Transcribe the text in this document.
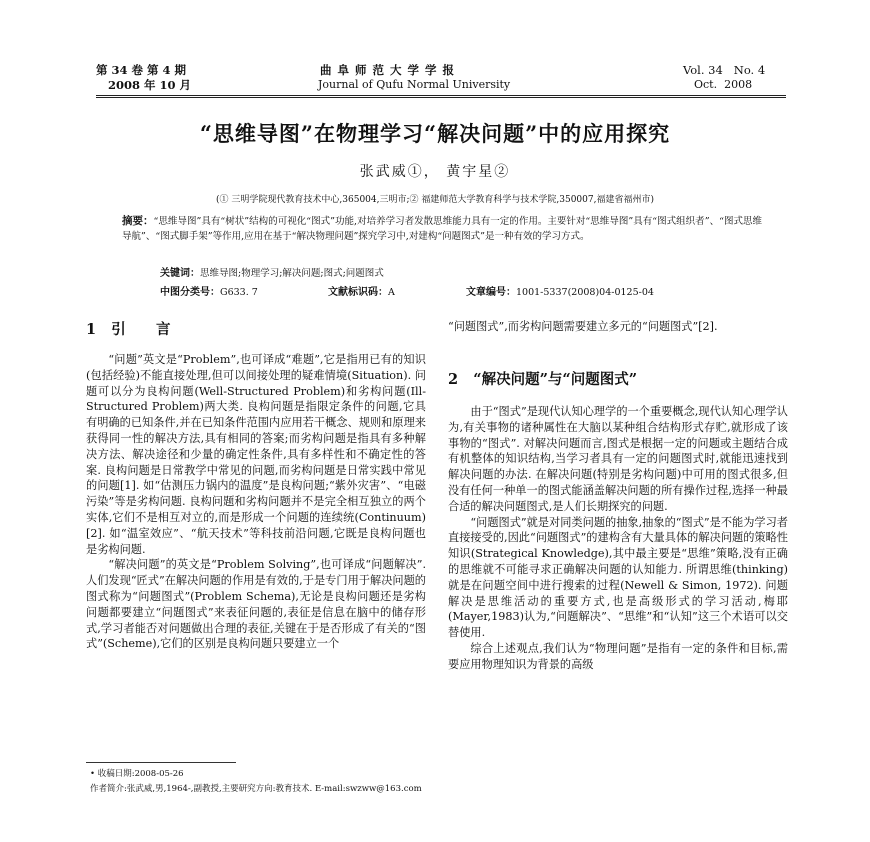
第 34 卷 第 4 期
2008 年 10 月
曲 阜 师 范 大 学 学 报
Journal of Qufu Normal University
Vol. 34   No. 4
Oct.  2008
“思维导图”在物理学习“解决问题”中的应用探究
张武威①， 黄宇星②
(① 三明学院现代教育技术中心,365004,三明市;② 福建师范大学教育科学与技术学院,350007,福建省福州市)
摘要：“思维导图”具有“树状”结构的可视化“图式”功能,对培养学习者发散思维能力具有一定的作用。主要针对“思维导图”具有“图式组织者”、“图式思维导航”、“图式脚手架”等作用,应用在基于“解决物理问题”探究学习中,对建构“问题图式”是一种有效的学习方式。
关键词：思维导图;物理学习;解决问题;图式;问题图式
中图分类号：G633. 7	文献标识码：A	文章编号：1001-5337(2008)04-0125-04
1   引      言

“问题”英文是“Problem”,也可译成“难题”,它是指用已有的知识(包括经验)不能直接处理,但可以间接处理的疑难情境(Situation). 问题可以分为良构问题(Well-Structured Problem)和劣构问题(Ill-Structured Problem)两大类. 良构问题是指限定条件的问题,它具有明确的已知条件,并在已知条件范围内应用若干概念、规则和原理来获得同一性的解决方法,具有相同的答案;而劣构问题是指具有多种解决方法、解决途径和少量的确定性条件,具有多样性和不确定性的答案. 良构问题是日常教学中常见的问题,而劣构问题是日常实践中常见的问题[1]. 如“估测压力锅内的温度”是良构问题;“紫外灾害”、“电磁污染”等是劣构问题. 良构问题和劣构问题并不是完全相互独立的两个实体,它们不是相互对立的,而是形成一个问题的连续统(Continuum)[2]. 如“温室效应”、“航天技术”等科技前沿问题,它既是良构问题也是劣构问题.

“解决问题”的英文是“Problem Solving”,也可译成“问题解决”. 人们发现“匠式”在解决问题的作用是有效的,于是专门用于解决问题的图式称为“问题图式”(Problem Schema),无论是良构问题还是劣构问题都要建立“问题图式”来表征问题的,表征是信息在脑中的储存形式,学习者能否对问题做出合理的表征,关键在于是否形成了有关的“图式”(Scheme),它们的区别是良构问题只要建立一个

“问题图式”,而劣构问题需要建立多元的“问题图式”[2].

2   “解决问题”与“问题图式”

由于“图式”是现代认知心理学的一个重要概念,现代认知心理学认为,有关事物的诸种属性在大脑以某种组合结构形式存贮,就形成了该事物的“图式”. 对解决问题而言,图式是根据一定的问题或主题结合成有机整体的知识结构,当学习者具有一定的问题图式时,就能迅速找到解决问题的办法. 在解决问题(特别是劣构问题)中可用的图式很多,但没有任何一种单一的图式能涵盖解决问题的所有操作过程,选择一种最合适的解决问题图式,是人们长期探究的问题.

“问题图式”就是对同类问题的抽象,抽象的“图式”是不能为学习者直接接受的,因此“问题图式”的建构含有大量具体的解决问题的策略性知识(Strategical Knowledge),其中最主要是“思维”策略,没有正确的思维就不可能寻求正确解决问题的认知能力. 所谓思维(thinking)就是在问题空间中进行搜索的过程(Newell & Simon, 1972). 问题解决是思维活动的重要方式,也是高级形式的学习活动,梅耶(Mayer,1983)认为,“问题解决”、“思维”和“认知”这三个术语可以交替使用.

综合上述观点,我们认为“物理问题”是指有一定的条件和目标,需要应用物理知识为背景的高级

• 收稿日期:2008-05-26
作者简介:张武威,男,1964-,副教授,主要研究方向:教育技术. E-mail:swzww@163.com
